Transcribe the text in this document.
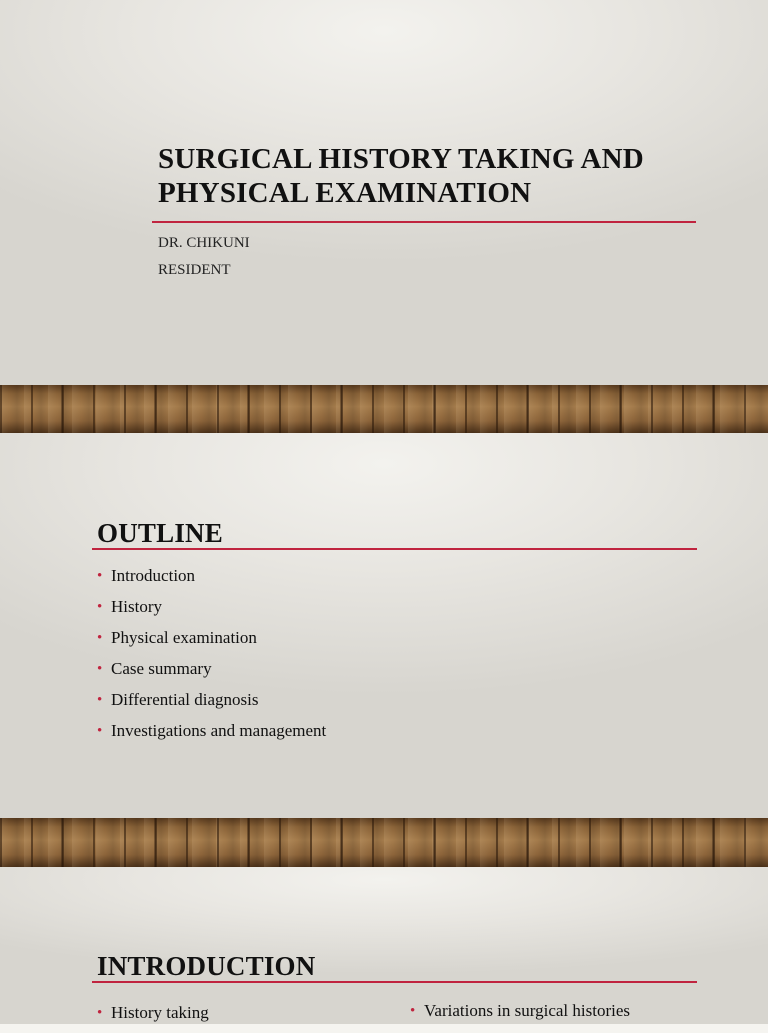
SURGICAL HISTORY TAKING AND
PHYSICAL EXAMINATION
DR. CHIKUNI
RESIDENT
OUTLINE
• Introduction
• History
• Physical examination
• Case summary
• Differential diagnosis
• Investigations and management
INTRODUCTION
• History taking	• Variations in surgical histories
